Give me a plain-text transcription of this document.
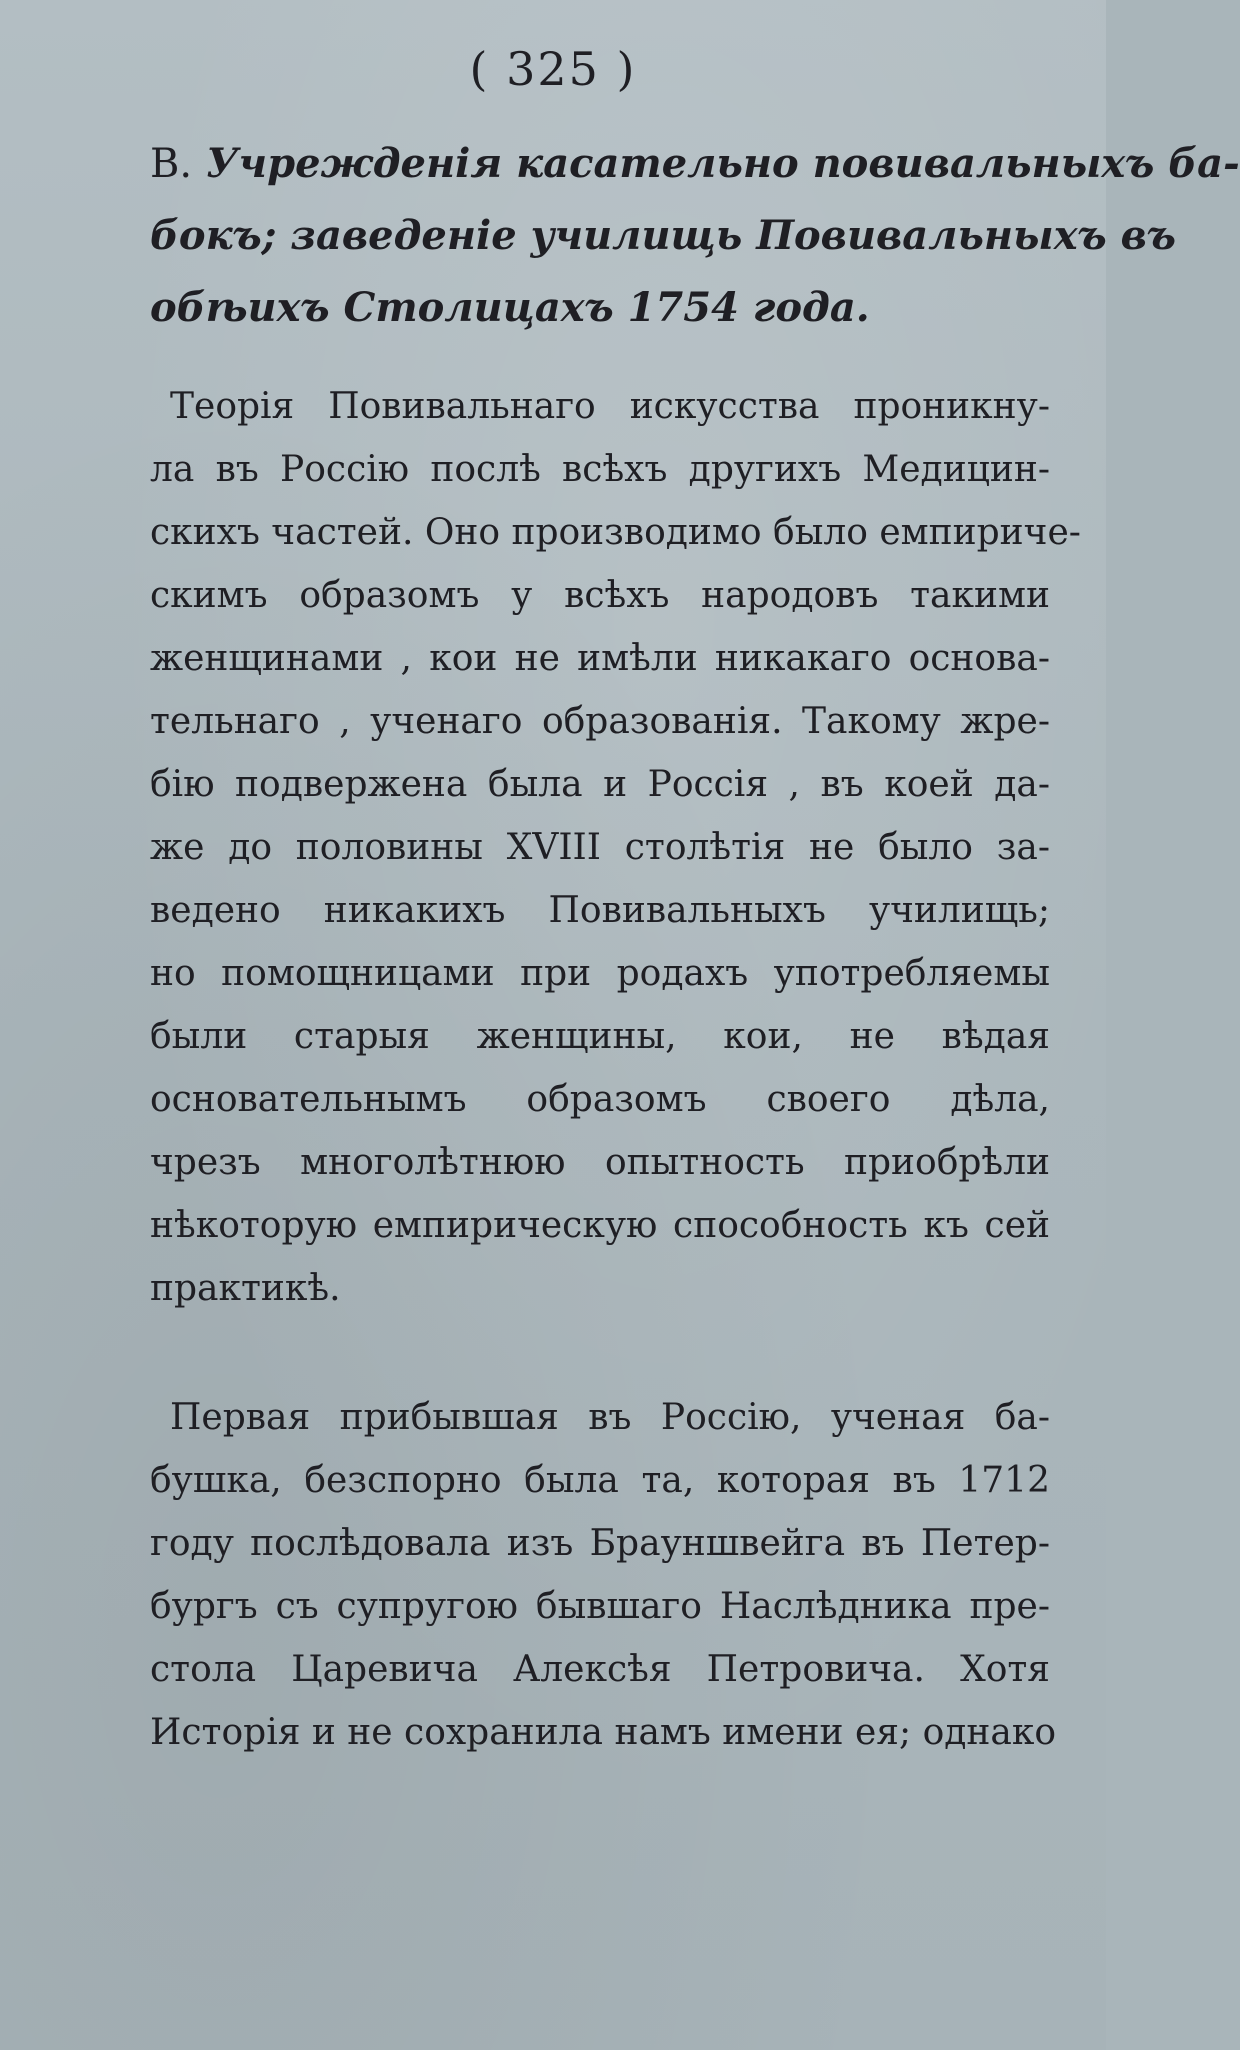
( 325 )
В. Учрежденія касательно повивальныхъ ба-
бокъ; заведеніе училищь Повивальныхъ въ
обѣихъ Столицахъ 1754 года.
Теорія Повивальнаго искусства проникну-
ла въ Россію послѣ всѣхъ другихъ Медицин-
скихъ частей. Оно производимо было емпириче-
скимъ образомъ у всѣхъ народовъ такими
женщинами , кои не имѣли никакаго основа-
тельнаго , ученаго образованія. Такому жре-
бію подвержена была и Россія , въ коей да-
же до половины XVIII столѣтія не было за-
ведено никакихъ Повивальныхъ училищь;
но помощницами при родахъ употребляемы
были старыя женщины, кои, не вѣдая
основательнымъ образомъ своего дѣла,
чрезъ многолѣтнюю опытность приобрѣли
нѣкоторую емпирическую способность къ сей
практикѣ.
Первая прибывшая въ Россію, ученая ба-
бушка, безспорно была та, которая въ 1712
году послѣдовала изъ Брауншвейга въ Петер-
бургъ съ супругою бывшаго Наслѣдника пре-
стола Царевича Алексѣя Петровича. Хотя
Исторія и не сохранила намъ имени ея; однако
